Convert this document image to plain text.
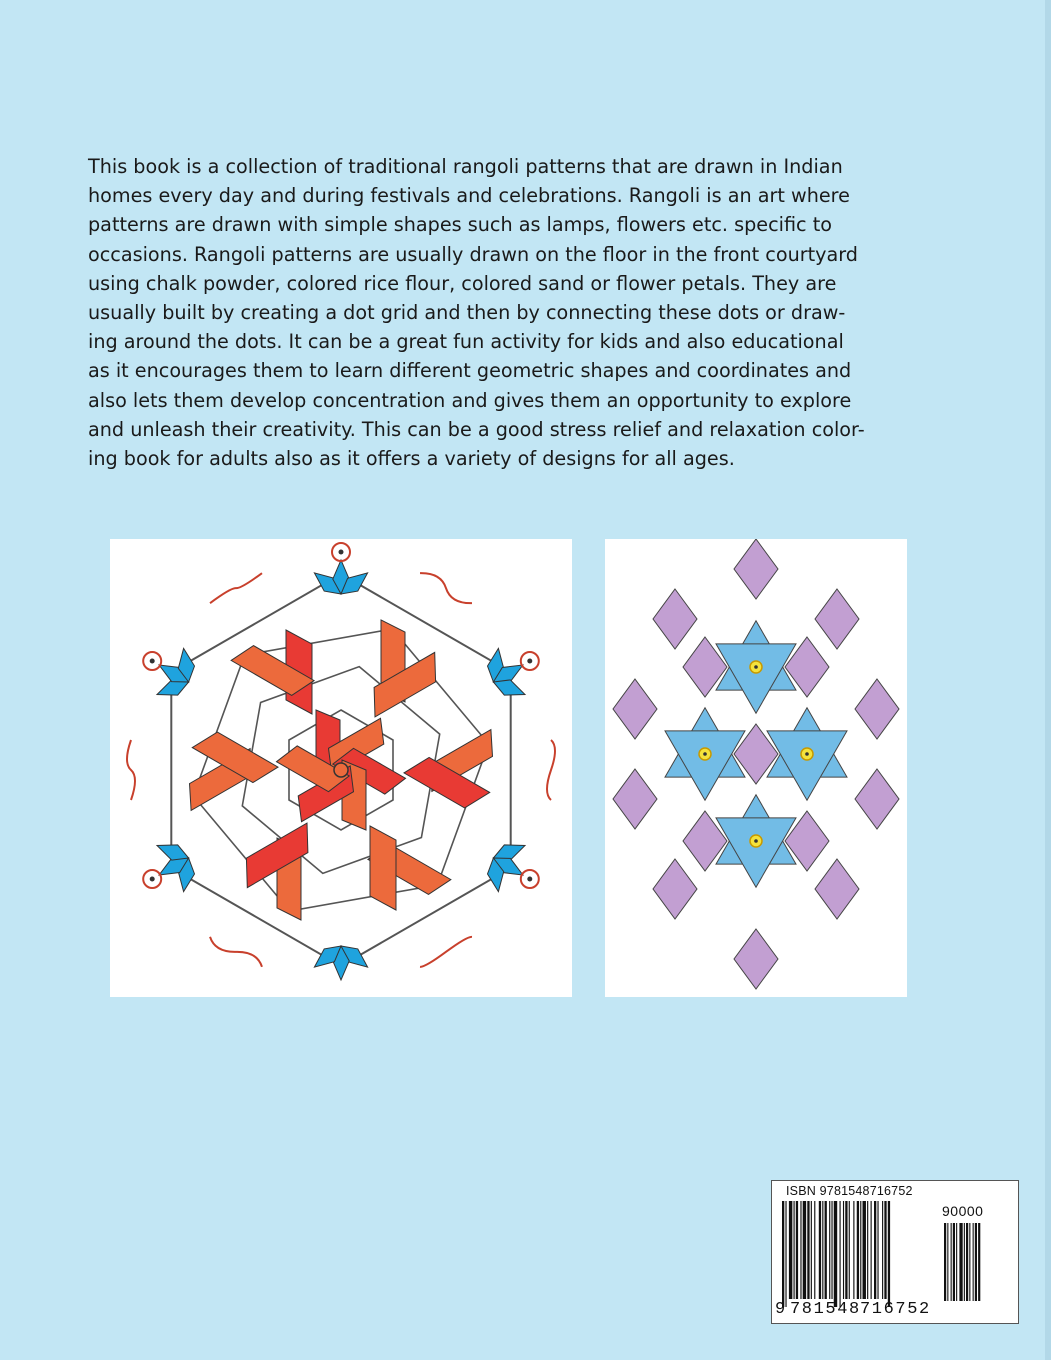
This book is a collection of traditional rangoli patterns that are drawn in Indian
homes every day and during festivals and celebrations. Rangoli is an art where
patterns are drawn with simple shapes such as lamps, flowers etc. specific to
occasions. Rangoli patterns are usually drawn on the floor in the front courtyard
using chalk powder, colored rice flour, colored sand or flower petals. They are
usually built by creating a dot grid and then by connecting these dots or draw-
ing around the dots. It can be a great fun activity for kids and also educational
as it encourages them to learn different geometric shapes and coordinates and
also lets them develop concentration and gives them an opportunity to explore
and unleash their creativity. This can be a good stress relief and relaxation color-
ing book for adults also as it offers a variety of designs for all ages.

ISBN 9781548716752
90000
9 781548 716752
